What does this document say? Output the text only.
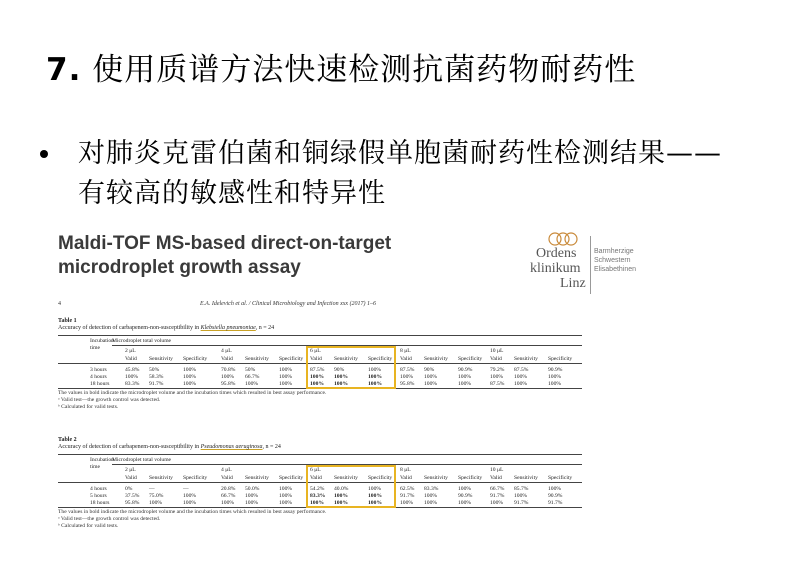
7. 使用质谱方法快速检测抗菌药物耐药性
对肺炎克雷伯菌和铜绿假单胞菌耐药性检测结果——有较高的敏感性和特异性
Maldi-TOF MS-based direct-on-target microdroplet growth assay
Ordens
klinikum
Linz
Barmherzige
Schwestern
Elisabethinen
4	E.A. Idelevich et al. / Clinical Microbiology and Infection xxx (2017) 1–6
Table 1
Accuracy of detection of carbapenem-non-susceptibility in Klebsiella pneumoniae, n = 24
Incubation
time
Microdroplet total volume
2 μL
Valid Sensitivity Specificity
4 μL
Valid Sensitivity Specificity
6 μL
Valid Sensitivity Specificity
8 μL
Valid Sensitivity Specificity
10 μL
Valid Sensitivity Specificity
3 hours	45.8% 50%	100%	70.8% 50%	100%	87.5% 90%	100%	87.5% 90%	90.9%	79.2% 87.5%	90.9%
4 hours	100% 58.3%	100%	100% 66.7%	100%	100% 100%	100%	100% 100%	100%	100% 100%	100%
18 hours	83.3% 91.7%	100%	95.8% 100%	100%	100% 100%	100%	95.8% 100%	100%	87.5% 100%	100%
The values in bold indicate the microdroplet volume and the incubation times which resulted in best assay performance.
ᵃ Valid test—the growth control was detected.
ᵇ Calculated for valid tests.
Table 2
Accuracy of detection of carbapenem-non-susceptibility in Pseudomonas aeruginosa, n = 24
Incubation
time
Microdroplet total volume
2 μL
Valid Sensitivity Specificity
4 μL
Valid Sensitivity Specificity
6 μL
Valid Sensitivity Specificity
8 μL
Valid Sensitivity Specificity
10 μL
Valid Sensitivity Specificity
4 hours	0%	—	—	20.8% 50.0%	100%	54.2% 40.0%	100%	62.5% 83.3%	100%	66.7% 85.7%	100%
5 hours	37.5% 75.0%	100%	66.7% 100%	100%	83.3% 100%	100%	91.7% 100%	90.9%	91.7% 100%	90.9%
18 hours	95.8% 100%	100%	100% 100%	100%	100% 100%	100%	100% 100%	100%	100% 91.7%	91.7%
The values in bold indicate the microdroplet volume and the incubation times which resulted in best assay performance.
ᵃ Valid test—the growth control was detected.
ᵇ Calculated for valid tests.
